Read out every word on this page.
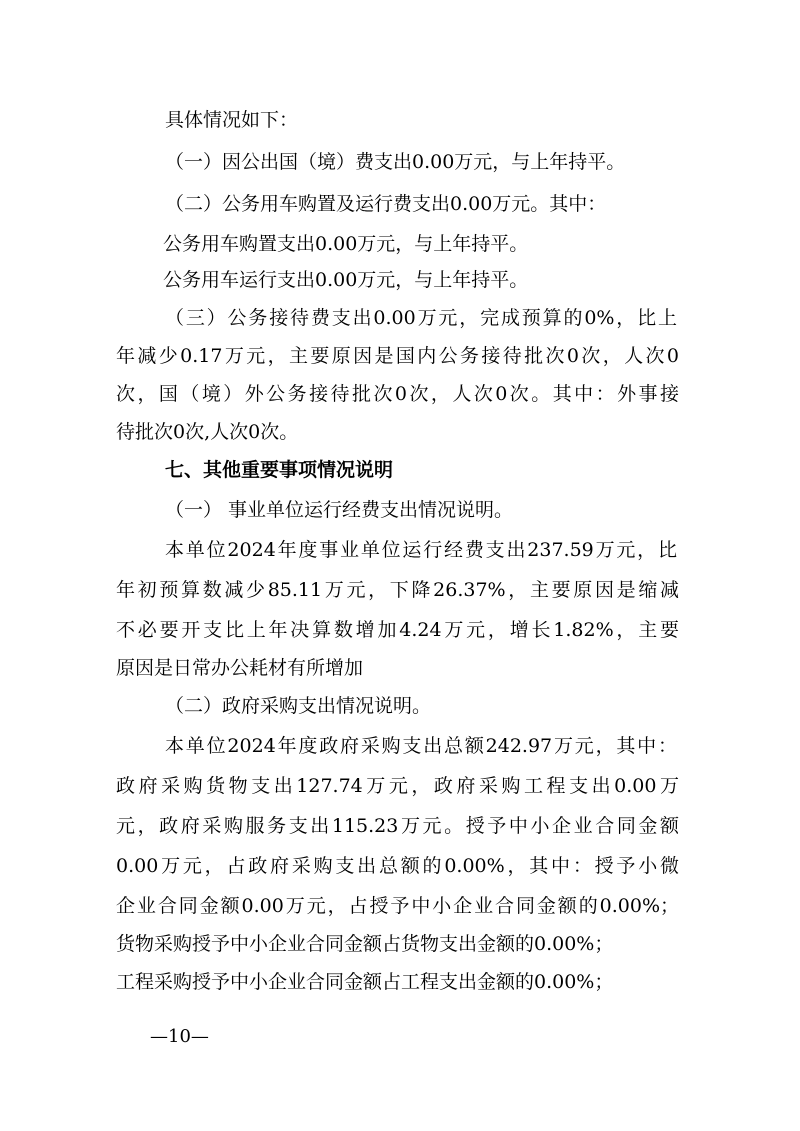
具体情况如下：
（一）因公出国（境）费支出0.00万元，与上年持平。
（二）公务用车购置及运行费支出0.00万元。其中：
公务用车购置支出0.00万元，与上年持平。
公务用车运行支出0.00万元，与上年持平。
（三）公务接待费支出0.00万元，完成预算的0%，比上
年减少0.17万元，主要原因是国内公务接待批次0次，人次0
次，国（境）外公务接待批次0次，人次0次。其中：外事接
待批次0次,人次0次。
七、其他重要事项情况说明
（一） 事业单位运行经费支出情况说明。
本单位2024年度事业单位运行经费支出237.59万元，比
年初预算数减少85.11万元，下降26.37%，主要原因是缩减
不必要开支比上年决算数增加4.24万元，增长1.82%，主要
原因是日常办公耗材有所增加
（二）政府采购支出情况说明。
本单位2024年度政府采购支出总额242.97万元，其中：
政府采购货物支出127.74万元，政府采购工程支出0.00万
元，政府采购服务支出115.23万元。授予中小企业合同金额
0.00万元，占政府采购支出总额的0.00%，其中：授予小微
企业合同金额0.00万元，占授予中小企业合同金额的0.00%；
货物采购授予中小企业合同金额占货物支出金额的0.00%；
工程采购授予中小企业合同金额占工程支出金额的0.00%；
—10—
